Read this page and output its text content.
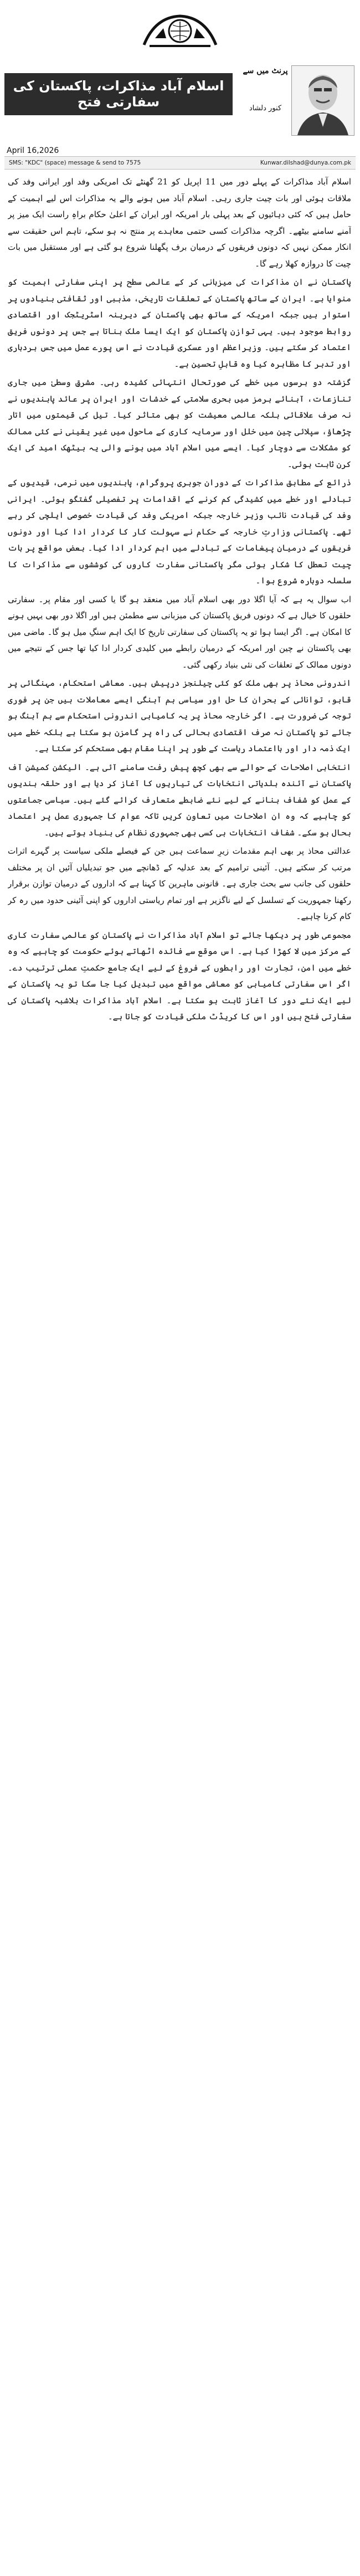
پرنٹ میں سے
کنور دلشاد
اسلام آباد مذاکرات، پاکستان کی سفارتی فتح
April 16,2026
SMS: "KDC" (space) message & send to 7575	Kunwar.dilshad@dunya.com.pk

اسلام آباد مذاکرات کے پہلے دور میں 11 اپریل کو 21 گھنٹے تک امریکی وفد اور ایرانی وفد کی ملاقات ہوئی اور بات چیت جاری رہی۔ اسلام آباد میں ہونے والے یہ مذاکرات اس لیے اہمیت کے حامل ہیں کہ کئی دہائیوں کے بعد پہلی بار امریکہ اور ایران کے اعلیٰ حکام براہِ راست ایک میز پر آمنے سامنے بیٹھے۔ اگرچہ مذاکرات کسی حتمی معاہدے پر منتج نہ ہو سکے، تاہم اس حقیقت سے انکار ممکن نہیں کہ دونوں فریقوں کے درمیان برف پگھلنا شروع ہو گئی ہے اور مستقبل میں بات چیت کا دروازہ کھلا رہے گا۔

پاکستان نے ان مذاکرات کی میزبانی کر کے عالمی سطح پر اپنی سفارتی اہمیت کو منوایا ہے۔ ایران کے ساتھ پاکستان کے تعلقات تاریخی، مذہبی اور ثقافتی بنیادوں پر استوار ہیں جبکہ امریکہ کے ساتھ بھی پاکستان کے دیرینہ اسٹریٹجک اور اقتصادی روابط موجود ہیں۔ یہی توازن پاکستان کو ایک ایسا ملک بناتا ہے جس پر دونوں فریق اعتماد کر سکتے ہیں۔ وزیراعظم اور عسکری قیادت نے اس پورے عمل میں جس بردباری اور تدبر کا مظاہرہ کیا وہ قابلِ تحسین ہے۔

گزشتہ دو برسوں میں خطے کی صورتحال انتہائی کشیدہ رہی۔ مشرقِ وسطیٰ میں جاری تنازعات، آبنائے ہرمز میں بحری سلامتی کے خدشات اور ایران پر عائد پابندیوں نے نہ صرف علاقائی بلکہ عالمی معیشت کو بھی متاثر کیا۔ تیل کی قیمتوں میں اتار چڑھاؤ، سپلائی چین میں خلل اور سرمایہ کاری کے ماحول میں غیر یقینی نے کئی ممالک کو مشکلات سے دوچار کیا۔ ایسے میں اسلام آباد میں ہونے والی یہ بیٹھک امید کی ایک کرن ثابت ہوئی۔

ذرائع کے مطابق مذاکرات کے دوران جوہری پروگرام، پابندیوں میں نرمی، قیدیوں کے تبادلے اور خطے میں کشیدگی کم کرنے کے اقدامات پر تفصیلی گفتگو ہوئی۔ ایرانی وفد کی قیادت نائب وزیر خارجہ جبکہ امریکی وفد کی قیادت خصوصی ایلچی کر رہے تھے۔ پاکستانی وزارتِ خارجہ کے حکام نے سہولت کار کا کردار ادا کیا اور دونوں فریقوں کے درمیان پیغامات کے تبادلے میں اہم کردار ادا کیا۔ بعض مواقع پر بات چیت تعطل کا شکار ہوئی مگر پاکستانی سفارت کاروں کی کوششوں سے مذاکرات کا سلسلہ دوبارہ شروع ہوا۔

اب سوال یہ ہے کہ آیا اگلا دور بھی اسلام آباد میں منعقد ہو گا یا کسی اور مقام پر۔ سفارتی حلقوں کا خیال ہے کہ دونوں فریق پاکستان کی میزبانی سے مطمئن ہیں اور اگلا دور بھی یہیں ہونے کا امکان ہے۔ اگر ایسا ہوا تو یہ پاکستان کی سفارتی تاریخ کا ایک اہم سنگِ میل ہو گا۔ ماضی میں بھی پاکستان نے چین اور امریکہ کے درمیان رابطے میں کلیدی کردار ادا کیا تھا جس کے نتیجے میں دونوں ممالک کے تعلقات کی نئی بنیاد رکھی گئی۔

اندرونی محاذ پر بھی ملک کو کئی چیلنجز درپیش ہیں۔ معاشی استحکام، مہنگائی پر قابو، توانائی کے بحران کا حل اور سیاسی ہم آہنگی ایسے معاملات ہیں جن پر فوری توجہ کی ضرورت ہے۔ اگر خارجہ محاذ پر یہ کامیابی اندرونی استحکام سے ہم آہنگ ہو جائے تو پاکستان نہ صرف اقتصادی بحالی کی راہ پر گامزن ہو سکتا ہے بلکہ خطے میں ایک ذمہ دار اور بااعتماد ریاست کے طور پر اپنا مقام بھی مستحکم کر سکتا ہے۔

انتخابی اصلاحات کے حوالے سے بھی کچھ پیش رفت سامنے آئی ہے۔ الیکشن کمیشن آف پاکستان نے آئندہ بلدیاتی انتخابات کی تیاریوں کا آغاز کر دیا ہے اور حلقہ بندیوں کے عمل کو شفاف بنانے کے لیے نئے ضابطے متعارف کرائے گئے ہیں۔ سیاسی جماعتوں کو چاہیے کہ وہ ان اصلاحات میں تعاون کریں تاکہ عوام کا جمہوری عمل پر اعتماد بحال ہو سکے۔ شفاف انتخابات ہی کسی بھی جمہوری نظام کی بنیاد ہوتے ہیں۔

عدالتی محاذ پر بھی اہم مقدمات زیرِ سماعت ہیں جن کے فیصلے ملکی سیاست پر گہرے اثرات مرتب کر سکتے ہیں۔ آئینی ترامیم کے بعد عدلیہ کے ڈھانچے میں جو تبدیلیاں آئیں ان پر مختلف حلقوں کی جانب سے بحث جاری ہے۔ قانونی ماہرین کا کہنا ہے کہ اداروں کے درمیان توازن برقرار رکھنا جمہوریت کے تسلسل کے لیے ناگزیر ہے اور تمام ریاستی اداروں کو اپنی آئینی حدود میں رہ کر کام کرنا چاہیے۔

مجموعی طور پر دیکھا جائے تو اسلام آباد مذاکرات نے پاکستان کو عالمی سفارت کاری کے مرکز میں لا کھڑا کیا ہے۔ اس موقع سے فائدہ اٹھاتے ہوئے حکومت کو چاہیے کہ وہ خطے میں امن، تجارت اور رابطوں کے فروغ کے لیے ایک جامع حکمتِ عملی ترتیب دے۔ اگر اس سفارتی کامیابی کو معاشی مواقع میں تبدیل کیا جا سکا تو یہ پاکستان کے لیے ایک نئے دور کا آغاز ثابت ہو سکتا ہے۔ اسلام آباد مذاکرات بلاشبہ پاکستان کی سفارتی فتح ہیں اور اس کا کریڈٹ ملکی قیادت کو جاتا ہے۔
